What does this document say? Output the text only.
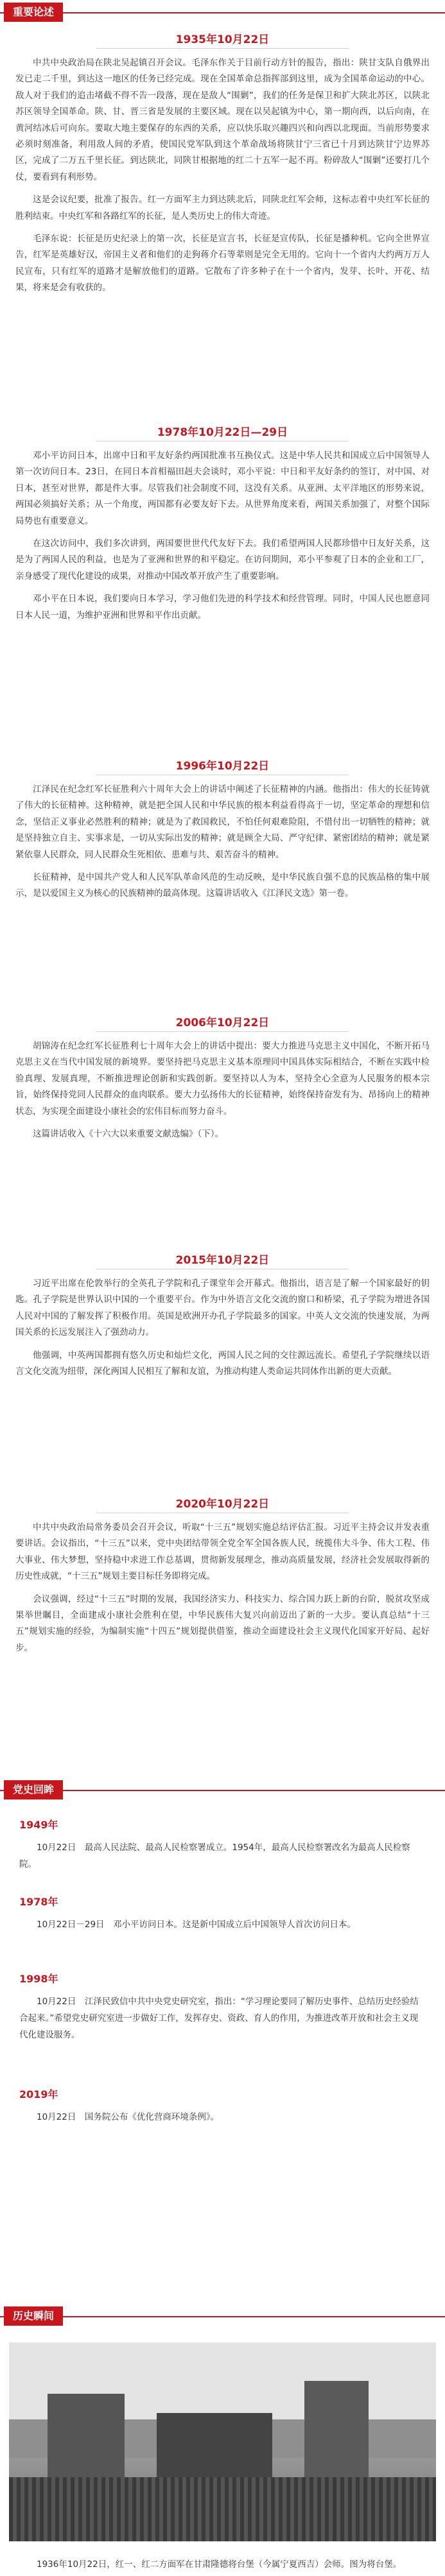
重要论述
1935年10月22日

中共中央政治局在陕北吴起镇召开会议。毛泽东作关于目前行动方针的报告，指出：陕甘支队自俄界出发已走二千里，到达这一地区的任务已经完成。现在全国革命总指挥部到这里，成为全国革命运动的中心。敌人对于我们的追击堵截不得不告一段落，现在是敌人“围剿”，我们的任务是保卫和扩大陕北苏区，以陕北苏区领导全国革命。陕、甘、晋三省是发展的主要区域。现在以吴起镇为中心，第一期向西，以后向南，在黄河结冰后可向东。要取大地主要保存的东西的关系，应以快乐取兴趣四兴和向西以北现面。当前形势要求必须时刻准备，利用敌人间的矛盾，使国民党军队到这个革命战场将陕甘宁三省已十月到达陕甘宁边界苏区，完成了二万五千里长征。到达陕北，同陕甘根据地的红二十五军一起不再。粉碎敌人“围剿”还要打几个仗，要看到有利形势。

这是会议纪要，批准了报告。红一方面军主力到达陕北后，同陕北红军会师，这标志着中央红军长征的胜利结束。中央红军和各路红军的长征，是人类历史上的伟大奇迹。

毛泽东说：长征是历史纪录上的第一次，长征是宣言书，长征是宣传队，长征是播种机。它向全世界宣告，红军是英雄好汉，帝国主义者和他们的走狗蒋介石等辈则是完全无用的。它向十一个省内大约两万万人民宣布，只有红军的道路才是解放他们的道路。它散布了许多种子在十一个省内，发芽、长叶、开花、结果，将来是会有收获的。

1978年10月22日—29日

邓小平访问日本，出席中日和平友好条约两国批准书互换仪式。这是中华人民共和国成立后中国领导人第一次访问日本。23日，在同日本首相福田赳夫会谈时，邓小平说：中日和平友好条约的签订，对中国、对日本，甚至对世界，都是件大事。尽管我们社会制度不同，这没有关系。从亚洲、太平洋地区的形势来说，两国必须搞好关系；从一个角度，两国都有必要友好下去。从世界角度来看，两国关系加强了，对整个国际局势也有重要意义。

在这次访问中，我们多次讲到，两国要世世代代友好下去。我们希望两国人民都珍惜中日友好关系，这是为了两国人民的利益，也是为了亚洲和世界的和平稳定。在访问期间，邓小平参观了日本的企业和工厂，亲身感受了现代化建设的成果，对推动中国改革开放产生了重要影响。

邓小平在日本说，我们要向日本学习，学习他们先进的科学技术和经营管理。同时，中国人民也愿意同日本人民一道，为维护亚洲和世界和平作出贡献。

1996年10月22日

江泽民在纪念红军长征胜利六十周年大会上的讲话中阐述了长征精神的内涵。他指出：伟大的长征铸就了伟大的长征精神。这种精神，就是把全国人民和中华民族的根本利益看得高于一切，坚定革命的理想和信念，坚信正义事业必然胜利的精神；就是为了救国救民，不怕任何艰难险阻，不惜付出一切牺牲的精神；就是坚持独立自主、实事求是，一切从实际出发的精神；就是顾全大局、严守纪律、紧密团结的精神；就是紧紧依靠人民群众，同人民群众生死相依、患难与共、艰苦奋斗的精神。

长征精神，是中国共产党人和人民军队革命风范的生动反映，是中华民族自强不息的民族品格的集中展示，是以爱国主义为核心的民族精神的最高体现。这篇讲话收入《江泽民文选》第一卷。

2006年10月22日

胡锦涛在纪念红军长征胜利七十周年大会上的讲话中提出：要大力推进马克思主义中国化，不断开拓马克思主义在当代中国发展的新境界。要坚持把马克思主义基本原理同中国具体实际相结合，不断在实践中检验真理、发展真理，不断推进理论创新和实践创新。要坚持以人为本，坚持全心全意为人民服务的根本宗旨，始终保持党同人民群众的血肉联系。要大力弘扬伟大的长征精神，始终保持奋发有为、昂扬向上的精神状态，为实现全面建设小康社会的宏伟目标而努力奋斗。

这篇讲话收入《十六大以来重要文献选编》（下）。

2015年10月22日

习近平出席在伦敦举行的全英孔子学院和孔子课堂年会开幕式。他指出，语言是了解一个国家最好的钥匙。孔子学院是世界认识中国的一个重要平台。作为中外语言文化交流的窗口和桥梁，孔子学院为增进各国人民对中国的了解发挥了积极作用。英国是欧洲开办孔子学院最多的国家。中英人文交流的快速发展，为两国关系的长远发展注入了强劲动力。

他强调，中英两国都拥有悠久历史和灿烂文化，两国人民之间的交往源远流长。希望孔子学院继续以语言文化交流为纽带，深化两国人民相互了解和友谊，为推动构建人类命运共同体作出新的更大贡献。

2020年10月22日

中共中央政治局常务委员会召开会议，听取“十三五”规划实施总结评估汇报。习近平主持会议并发表重要讲话。会议指出，“十三五”以来，党中央团结带领全党全军全国各族人民，统揽伟大斗争、伟大工程、伟大事业、伟大梦想，坚持稳中求进工作总基调，贯彻新发展理念，推动高质量发展，经济社会发展取得新的历史性成就，“十三五”规划主要目标任务即将完成。

会议强调，经过“十三五”时期的发展，我国经济实力、科技实力、综合国力跃上新的台阶，脱贫攻坚成果举世瞩目，全面建成小康社会胜利在望，中华民族伟大复兴向前迈出了新的一大步。要认真总结“十三五”规划实施的经验，为编制实施“十四五”规划提供借鉴，推动全面建设社会主义现代化国家开好局、起好步。

党史回眸
1949年

10月22日　最高人民法院、最高人民检察署成立。1954年，最高人民检察署改名为最高人民检察院。

1978年

10月22日－29日　邓小平访问日本。这是新中国成立后中国领导人首次访问日本。

1998年

10月22日　江泽民致信中共中央党史研究室，指出：“学习理论要同了解历史事件、总结历史经验结合起来。”希望党史研究室进一步做好工作，发挥存史、资政、育人的作用，为推进改革开放和社会主义现代化建设服务。

2019年

10月22日　国务院公布《优化营商环境条例》。

历史瞬间

1936年10月22日，红一、红二方面军在甘肃隆德将台堡（今属宁夏西吉）会师。图为将台堡。
